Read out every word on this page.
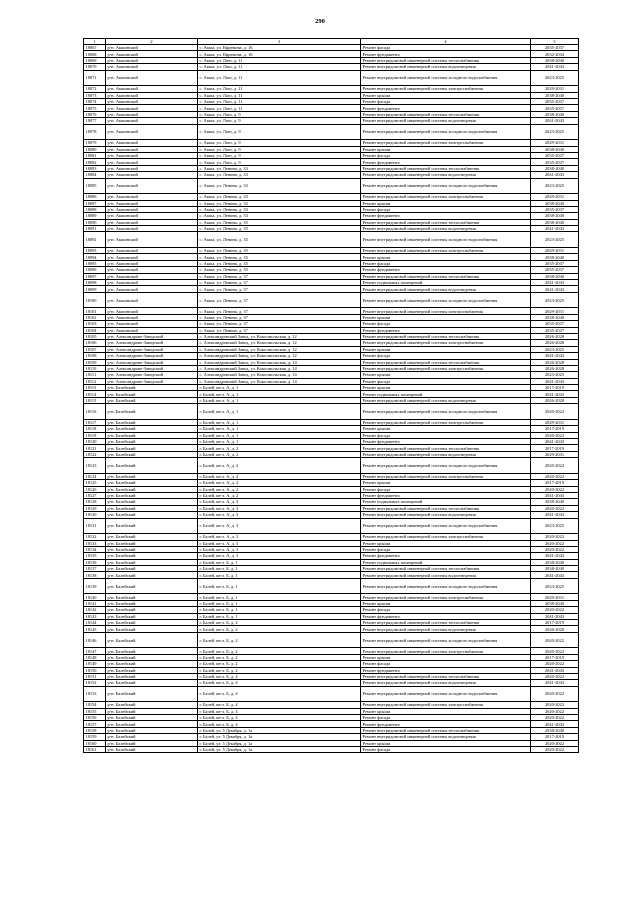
290
1	2	3	4	5
18067	р-н. Акшинский	с. Акша, ул. Ефремова, д. 16	Ремонт фасада	2035-2037
18068	р-н. Акшинский	с. Акша, ул. Ефремова, д. 16	Ремонт фундамента	2032-2034
18069	р-н. Акшинский	с. Акша, ул. Лазо, д. 11	Ремонт внутридомовой инженерной системы теплоснабжения	2038-2040
18070	р-н. Акшинский	с. Акша, ул. Лазо, д. 11	Ремонт внутридомовой инженерной системы водоотведения	2041-2043
18071	р-н. Акшинский	с. Акша, ул. Лазо, д. 11	Ремонт внутридомовой инженерной системы холодного водоснабжения	2023-2025
18072	р-н. Акшинский	с. Акша, ул. Лазо, д. 11	Ремонт внутридомовой инженерной системы электроснабжения	2029-2031
18073	р-н. Акшинский	с. Акша, ул. Лазо, д. 11	Ремонт крыши	2038-2040
18074	р-н. Акшинский	с. Акша, ул. Лазо, д. 11	Ремонт фасада	2035-2037
18075	р-н. Акшинский	с. Акша, ул. Лазо, д. 11	Ремонт фундамента	2035-2037
18076	р-н. Акшинский	с. Акша, ул. Лазо, д. 9	Ремонт внутридомовой инженерной системы теплоснабжения	2038-2040
18077	р-н. Акшинский	с. Акша, ул. Лазо, д. 9	Ремонт внутридомовой инженерной системы водоотведения	2041-2043
18078	р-н. Акшинский	с. Акша, ул. Лазо, д. 9	Ремонт внутридомовой инженерной системы холодного водоснабжения	2023-2025
18079	р-н. Акшинский	с. Акша, ул. Лазо, д. 9	Ремонт внутридомовой инженерной системы электроснабжения	2029-2031
18080	р-н. Акшинский	с. Акша, ул. Лазо, д. 9	Ремонт крыши	2038-2040
18081	р-н. Акшинский	с. Акша, ул. Лазо, д. 9	Ремонт фасада	2035-2037
18082	р-н. Акшинский	с. Акша, ул. Лазо, д. 9	Ремонт фундамента	2035-2037
18083	р-н. Акшинский	с. Акша, ул. Ленина, д. 33	Ремонт внутридомовой инженерной системы теплоснабжения	2038-2040
18084	р-н. Акшинский	с. Акша, ул. Ленина, д. 33	Ремонт внутридомовой инженерной системы водоотведения	2041-2043
18085	р-н. Акшинский	с. Акша, ул. Ленина, д. 33	Ремонт внутридомовой инженерной системы холодного водоснабжения	2023-2025
18086	р-н. Акшинский	с. Акша, ул. Ленина, д. 33	Ремонт внутридомовой инженерной системы электроснабжения	2029-2031
18087	р-н. Акшинский	с. Акша, ул. Ленина, д. 33	Ремонт крыши	2038-2040
18088	р-н. Акшинский	с. Акша, ул. Ленина, д. 33	Ремонт фасада	2035-2037
18089	р-н. Акшинский	с. Акша, ул. Ленина, д. 33	Ремонт фундамента	2038-2040
18090	р-н. Акшинский	с. Акша, ул. Ленина, д. 35	Ремонт внутридомовой инженерной системы теплоснабжения	2038-2040
18091	р-н. Акшинский	с. Акша, ул. Ленина, д. 35	Ремонт внутридомовой инженерной системы водоотведения	2041-2043
18092	р-н. Акшинский	с. Акша, ул. Ленина, д. 35	Ремонт внутридомовой инженерной системы холодного водоснабжения	2023-2025
18093	р-н. Акшинский	с. Акша, ул. Ленина, д. 35	Ремонт внутридомовой инженерной системы электроснабжения	2029-2031
18094	р-н. Акшинский	с. Акша, ул. Ленина, д. 35	Ремонт крыши	2038-2040
18095	р-н. Акшинский	с. Акша, ул. Ленина, д. 35	Ремонт фасада	2035-2037
18096	р-н. Акшинский	с. Акша, ул. Ленина, д. 35	Ремонт фундамента	2035-2037
18097	р-н. Акшинский	с. Акша, ул. Ленина, д. 37	Ремонт внутридомовой инженерной системы теплоснабжения	2038-2040
18098	р-н. Акшинский	с. Акша, ул. Ленина, д. 37	Ремонт подвальных помещений	2041-2043
18099	р-н. Акшинский	с. Акша, ул. Ленина, д. 37	Ремонт внутридомовой инженерной системы водоотведения	2041-2043
18100	р-н. Акшинский	с. Акша, ул. Ленина, д. 37	Ремонт внутридомовой инженерной системы холодного водоснабжения	2023-2025
18101	р-н. Акшинский	с. Акша, ул. Ленина, д. 37	Ремонт внутридомовой инженерной системы электроснабжения	2029-2031
18102	р-н. Акшинский	с. Акша, ул. Ленина, д. 37	Ремонт крыши	2038-2040
18103	р-н. Акшинский	с. Акша, ул. Ленина, д. 37	Ремонт фасада	2035-2037
18104	р-н. Акшинский	с. Акша, ул. Ленина, д. 37	Ремонт фундамента	2035-2037
18105	р-н. Александрово-Заводский	с. Александровский Завод, ул. Комсомольская, д. 12	Ремонт внутридомовой инженерной системы теплоснабжения	2026-2028
18106	р-н. Александрово-Заводский	с. Александровский Завод, ул. Комсомольская, д. 12	Ремонт внутридомовой инженерной системы электроснабжения	2026-2028
18107	р-н. Александрово-Заводский	с. Александровский Завод, ул. Комсомольская, д. 12	Ремонт крыши	2023-2025
18108	р-н. Александрово-Заводский	с. Александровский Завод, ул. Комсомольская, д. 12	Ремонт фасада	2041-2043
18109	р-н. Александрово-Заводский	с. Александровский Завод, ул. Комсомольская, д. 14	Ремонт внутридомовой инженерной системы теплоснабжения	2026-2028
18110	р-н. Александрово-Заводский	с. Александровский Завод, ул. Комсомольская, д. 14	Ремонт внутридомовой инженерной системы электроснабжения	2026-2028
18111	р-н. Александрово-Заводский	с. Александровский Завод, ул. Комсомольская, д. 14	Ремонт крыши	2023-2025
18112	р-н. Александрово-Заводский	с. Александровский Завод, ул. Комсомольская, д. 14	Ремонт фасада	2041-2043
18113	р-н. Балейский	г. Балей, кв-л. А, д. 1	Ремонт крыши	2017-2019
18114	р-н. Балейский	г. Балей, кв-л. А, д. 1	Ремонт подвальных помещений	2041-2043
18115	р-н. Балейский	г. Балей, кв-л. А, д. 1	Ремонт внутридомовой инженерной системы водоотведения	2026-2028
18116	р-н. Балейский	г. Балей, кв-л. А, д. 1	Ремонт внутридомовой инженерной системы холодного водоснабжения	2020-2022
18117	р-н. Балейский	г. Балей, кв-л. А, д. 1	Ремонт внутридомовой инженерной системы электроснабжения	2029-2031
18118	р-н. Балейский	г. Балей, кв-л. А, д. 1	Ремонт крыши	2017-2019
18119	р-н. Балейский	г. Балей, кв-л. А, д. 1	Ремонт фасада	2020-2022
18120	р-н. Балейский	г. Балей, кв-л. А, д. 1	Ремонт фундамента	2041-2043
18121	р-н. Балейский	г. Балей, кв-л. А, д. 2	Ремонт внутридомовой инженерной системы теплоснабжения	2017-2019
18122	р-н. Балейский	г. Балей, кв-л. А, д. 2	Ремонт внутридомовой инженерной системы водоотведения	2029-2031
18123	р-н. Балейский	г. Балей, кв-л. А, д. 2	Ремонт внутридомовой инженерной системы холодного водоснабжения	2020-2022
18124	р-н. Балейский	г. Балей, кв-л. А, д. 2	Ремонт внутридомовой инженерной системы электроснабжения	2020-2022
18125	р-н. Балейский	г. Балей, кв-л. А, д. 2	Ремонт крыши	2017-2019
18126	р-н. Балейский	г. Балей, кв-л. А, д. 2	Ремонт фасада	2020-2022
18127	р-н. Балейский	г. Балей, кв-л. А, д. 2	Ремонт фундамента	2041-2043
18128	р-н. Балейский	г. Балей, кв-л. А, д. 3	Ремонт подвальных помещений	2038-2040
18129	р-н. Балейский	г. Балей, кв-л. А, д. 3	Ремонт внутридомовой инженерной системы теплоснабжения	2020-2022
18130	р-н. Балейский	г. Балей, кв-л. А, д. 3	Ремонт внутридомовой инженерной системы водоотведения	2041-2043
18131	р-н. Балейский	г. Балей, кв-л. А, д. 3	Ремонт внутридомовой инженерной системы холодного водоснабжения	2023-2025
18132	р-н. Балейский	г. Балей, кв-л. А, д. 3	Ремонт внутридомовой инженерной системы электроснабжения	2020-2022
18133	р-н. Балейский	г. Балей, кв-л. А, д. 3	Ремонт крыши	2020-2022
18134	р-н. Балейский	г. Балей, кв-л. А, д. 3	Ремонт фасада	2020-2022
18135	р-н. Балейский	г. Балей, кв-л. А, д. 3	Ремонт фундамента	2041-2043
18136	р-н. Балейский	г. Балей, кв-л. Б, д. 1	Ремонт подвальных помещений	2038-2040
18137	р-н. Балейский	г. Балей, кв-л. Б, д. 1	Ремонт внутридомовой инженерной системы теплоснабжения	2038-2040
18138	р-н. Балейский	г. Балей, кв-л. Б, д. 1	Ремонт внутридомовой инженерной системы водоотведения	2041-2043
18139	р-н. Балейский	г. Балей, кв-л. Б, д. 1	Ремонт внутридомовой инженерной системы холодного водоснабжения	2023-2025
18140	р-н. Балейский	г. Балей, кв-л. Б, д. 1	Ремонт внутридомовой инженерной системы электроснабжения	2029-2031
18141	р-н. Балейский	г. Балей, кв-л. Б, д. 1	Ремонт крыши	2038-2040
18142	р-н. Балейский	г. Балей, кв-л. Б, д. 1	Ремонт фасада	2020-2022
18143	р-н. Балейский	г. Балей, кв-л. Б, д. 1	Ремонт фундамента	2041-2043
18144	р-н. Балейский	г. Балей, кв-л. Б, д. 2	Ремонт внутридомовой инженерной системы теплоснабжения	2017-2019
18145	р-н. Балейский	г. Балей, кв-л. Б, д. 2	Ремонт внутридомовой инженерной системы водоотведения	2026-2028
18146	р-н. Балейский	г. Балей, кв-л. Б, д. 2	Ремонт внутридомовой инженерной системы холодного водоснабжения	2020-2022
18147	р-н. Балейский	г. Балей, кв-л. Б, д. 2	Ремонт внутридомовой инженерной системы электроснабжения	2020-2022
18148	р-н. Балейский	г. Балей, кв-л. Б, д. 2	Ремонт крыши	2017-2019
18149	р-н. Балейский	г. Балей, кв-л. Б, д. 2	Ремонт фасада	2020-2022
18150	р-н. Балейский	г. Балей, кв-л. Б, д. 2	Ремонт фундамента	2041-2043
18151	р-н. Балейский	г. Балей, кв-л. Б, д. 4	Ремонт внутридомовой инженерной системы теплоснабжения	2020-2022
18152	р-н. Балейский	г. Балей, кв-л. Б, д. 4	Ремонт внутридомовой инженерной системы водоотведения	2041-2043
18153	р-н. Балейский	г. Балей, кв-л. Б, д. 4	Ремонт внутридомовой инженерной системы холодного водоснабжения	2020-2022
18154	р-н. Балейский	г. Балей, кв-л. Б, д. 4	Ремонт внутридомовой инженерной системы электроснабжения	2020-2022
18155	р-н. Балейский	г. Балей, кв-л. Б, д. 4	Ремонт крыши	2020-2022
18156	р-н. Балейский	г. Балей, кв-л. Б, д. 4	Ремонт фасада	2020-2022
18157	р-н. Балейский	г. Балей, кв-л. Б, д. 4	Ремонт фундамента	2041-2043
18158	р-н. Балейский	г. Балей, ул. 5 Декабря, д. 1а	Ремонт внутридомовой инженерной системы теплоснабжения	2038-2040
18159	р-н. Балейский	г. Балей, ул. 5 Декабря, д. 1а	Ремонт внутридомовой инженерной системы водоотведения	2017-2019
18160	р-н. Балейский	г. Балей, ул. 5 Декабря, д. 1а	Ремонт крыши	2020-2022
18161	р-н. Балейский	г. Балей, ул. 5 Декабря, д. 1а	Ремонт фасада	2020-2022
